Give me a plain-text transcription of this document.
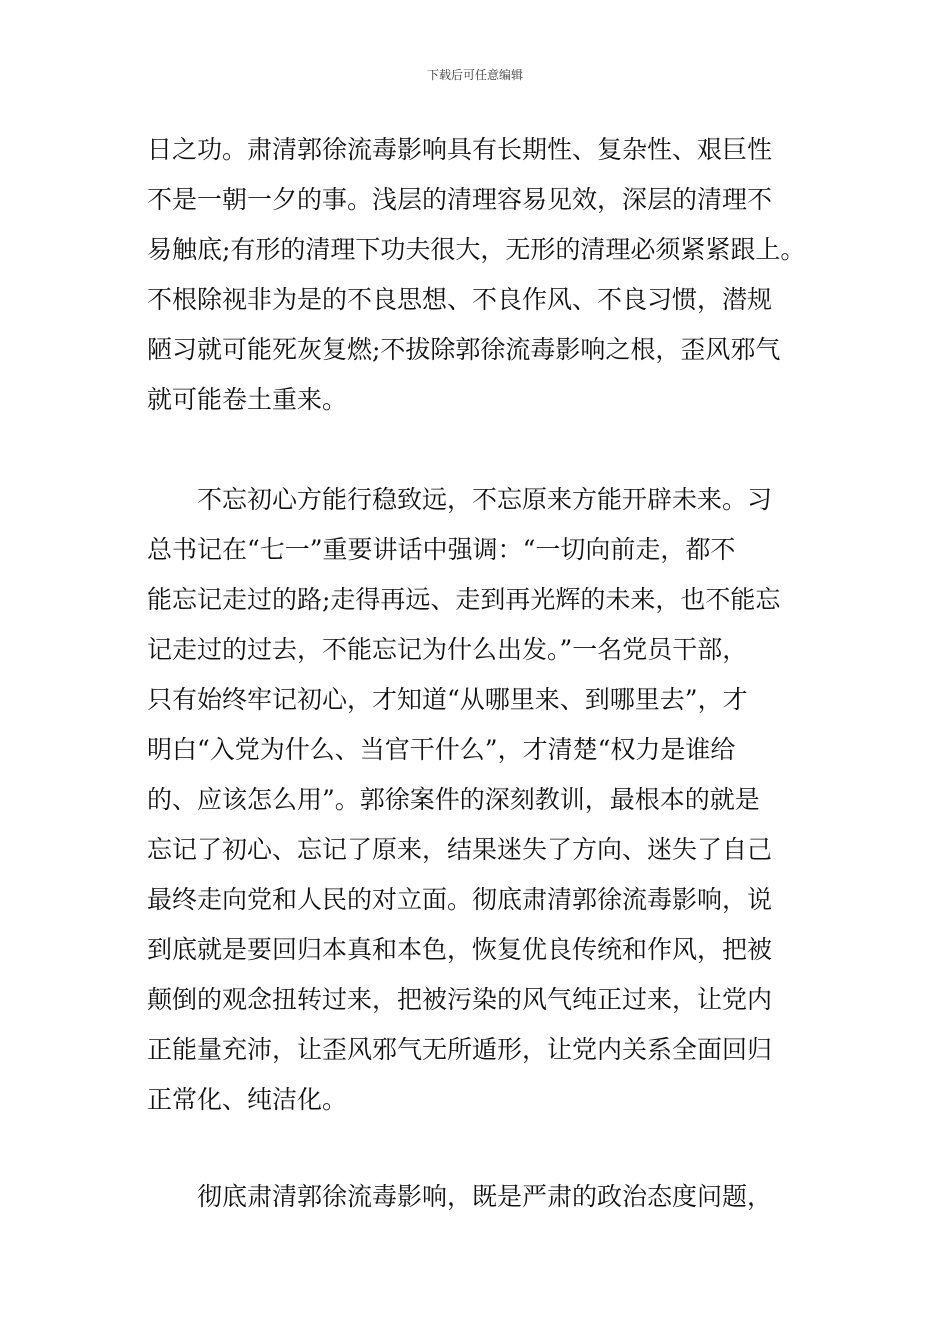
下载后可任意编辑
日之功。肃清郭徐流毒影响具有长期性、复杂性、艰巨性
不是一朝一夕的事。浅层的清理容易见效，深层的清理不
易触底;有形的清理下功夫很大，无形的清理必须紧紧跟上。
不根除视非为是的不良思想、不良作风、不良习惯，潜规
陋习就可能死灰复燃;不拔除郭徐流毒影响之根，歪风邪气
就可能卷土重来。
　　不忘初心方能行稳致远，不忘原来方能开辟未来。习
总书记在“七一”重要讲话中强调：“一切向前走，都不
能忘记走过的路;走得再远、走到再光辉的未来，也不能忘
记走过的过去，不能忘记为什么出发。”一名党员干部，
只有始终牢记初心，才知道“从哪里来、到哪里去”，才
明白“入党为什么、当官干什么”，才清楚“权力是谁给
的、应该怎么用”。郭徐案件的深刻教训，最根本的就是
忘记了初心、忘记了原来，结果迷失了方向、迷失了自己
最终走向党和人民的对立面。彻底肃清郭徐流毒影响，说
到底就是要回归本真和本色，恢复优良传统和作风，把被
颠倒的观念扭转过来，把被污染的风气纯正过来，让党内
正能量充沛，让歪风邪气无所遁形，让党内关系全面回归
正常化、纯洁化。
　　彻底肃清郭徐流毒影响，既是严肃的政治态度问题，
